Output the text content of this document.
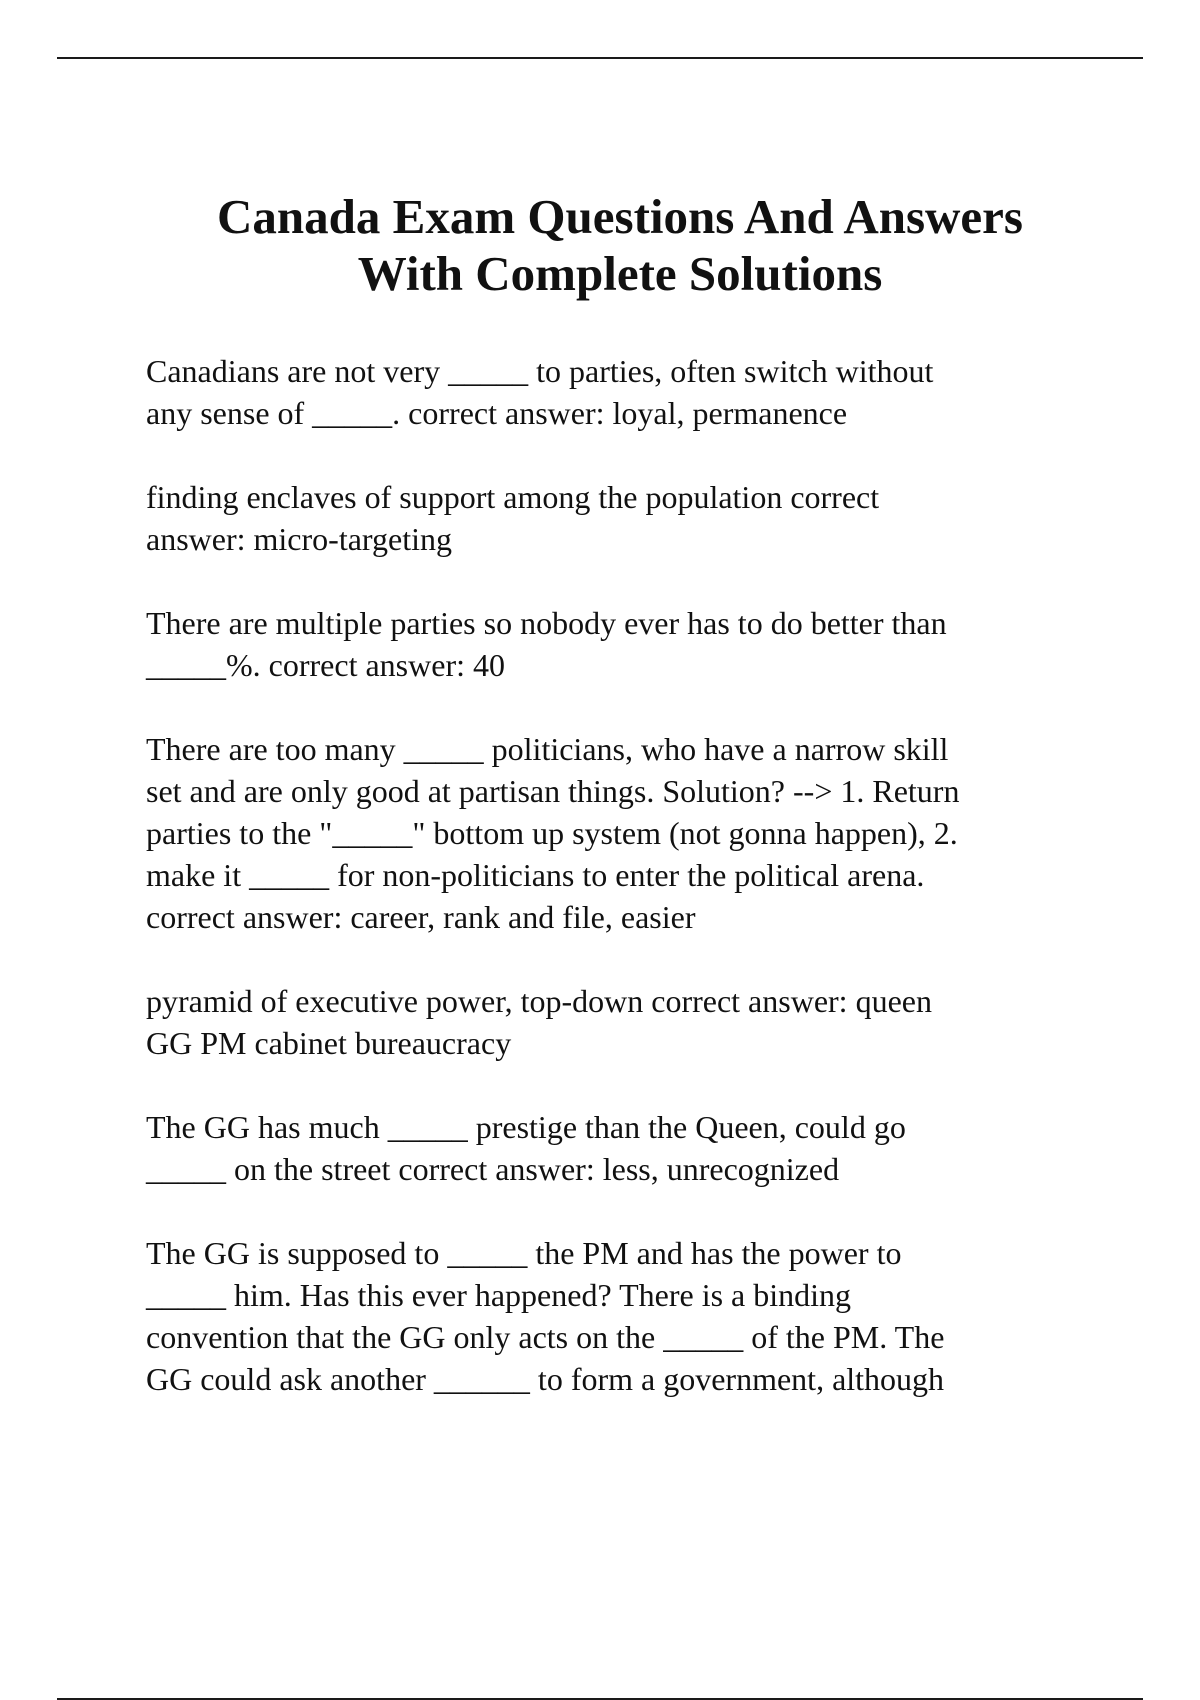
Canada Exam Questions And Answers
With Complete Solutions

Canadians are not very _____ to parties, often switch without
any sense of _____. correct answer: loyal, permanence

finding enclaves of support among the population correct
answer: micro-targeting

There are multiple parties so nobody ever has to do better than
_____%. correct answer: 40

There are too many _____ politicians, who have a narrow skill
set and are only good at partisan things. Solution? --> 1. Return
parties to the "_____" bottom up system (not gonna happen), 2.
make it _____ for non-politicians to enter the political arena.
correct answer: career, rank and file, easier

pyramid of executive power, top-down correct answer: queen
GG PM cabinet bureaucracy

The GG has much _____ prestige than the Queen, could go
_____ on the street correct answer: less, unrecognized

The GG is supposed to _____ the PM and has the power to
_____ him. Has this ever happened? There is a binding
convention that the GG only acts on the _____ of the PM. The
GG could ask another ______ to form a government, although
